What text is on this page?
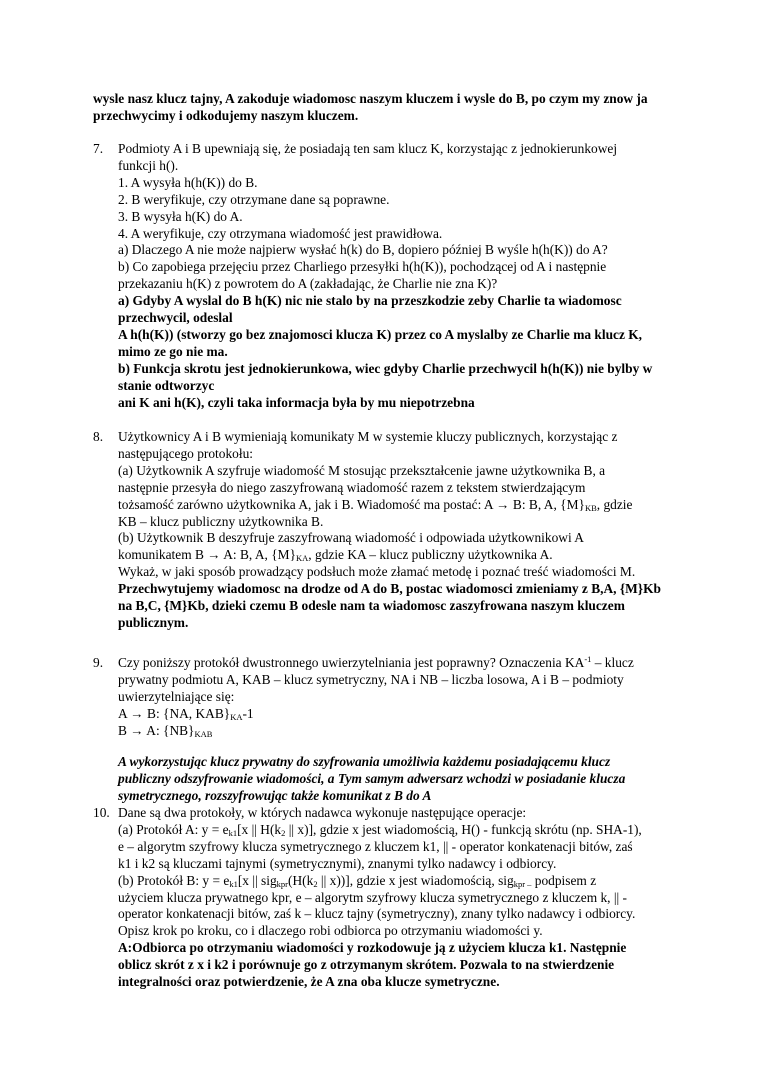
wysle nasz klucz tajny, A zakoduje wiadomosc naszym kluczem i wysle do B, po czym my znow ja
przechwycimy i odkodujemy naszym kluczem.
7. Podmioty A i B upewniają się, że posiadają ten sam klucz K, korzystając z jednokierunkowej
funkcji h().
1. A wysyła h(h(K)) do B.
2. B weryfikuje, czy otrzymane dane są poprawne.
3. B wysyła h(K) do A.
4. A weryfikuje, czy otrzymana wiadomość jest prawidłowa.
a) Dlaczego A nie może najpierw wysłać h(k) do B, dopiero później B wyśle h(h(K)) do A?
b) Co zapobiega przejęciu przez Charliego przesyłki h(h(K)), pochodzącej od A i następnie
przekazaniu h(K) z powrotem do A (zakładając, że Charlie nie zna K)?
a) Gdyby A wyslal do B h(K) nic nie stalo by na przeszkodzie zeby Charlie ta wiadomosc
przechwycil, odeslal
A h(h(K)) (stworzy go bez znajomosci klucza K) przez co A myslalby ze Charlie ma klucz K,
mimo ze go nie ma.
b) Funkcja skrotu jest jednokierunkowa, wiec gdyby Charlie przechwycil h(h(K)) nie bylby w
stanie odtworzyc
ani K ani h(K), czyli taka informacja była by mu niepotrzebna
8. Użytkownicy A i B wymieniają komunikaty M w systemie kluczy publicznych, korzystając z
następującego protokołu:
(a) Użytkownik A szyfruje wiadomość M stosując przekształcenie jawne użytkownika B, a
następnie przesyła do niego zaszyfrowaną wiadomość razem z tekstem stwierdzającym
tożsamość zarówno użytkownika A, jak i B. Wiadomość ma postać: A → B: B, A, $\{M\}_{KB}$, gdzie
KB – klucz publiczny użytkownika B.
(b) Użytkownik B deszyfruje zaszyfrowaną wiadomość i odpowiada użytkownikowi A
komunikatem B → A: B, A, $\{M\}_{KA}$, gdzie KA – klucz publiczny użytkownika A.
Wykaż, w jaki sposób prowadzący podsłuch może złamać metodę i poznać treść wiadomości M.
Przechwytujemy wiadomosc na drodze od A do B, postac wiadomosci zmieniamy z B,A, {M}Kb
na B,C, {M}Kb, dzieki czemu B odesle nam ta wiadomosc zaszyfrowana naszym kluczem
publicznym.
9. Czy poniższy protokół dwustronnego uwierzytelniania jest poprawny? Oznaczenia $KA^{-1}$ – klucz
prywatny podmiotu A, KAB – klucz symetryczny, NA i NB – liczba losowa, A i B – podmioty
uwierzytelniające się:
A → B: {NA, $KAB\}_{KA}-1$
B → A: $\{NB\}_{KAB}$
A wykorzystując klucz prywatny do szyfrowania umożliwia każdemu posiadającemu klucz
publiczny odszyfrowanie wiadomości, a Tym samym adwersarz wchodzi w posiadanie klucza
symetrycznego, rozszyfrowując także komunikat z B do A
10. Dane są dwa protokoły, w których nadawca wykonuje następujące operacje:
(a) Protokół A: $y = e_{k1}[x$ || $H(k_2$ || x)], gdzie x jest wiadomością, H() - funkcją skrótu (np. SHA-1),
e – algorytm szyfrowy klucza symetrycznego z kluczem k1, || - operator konkatenacji bitów, zaś
k1 i k2 są kluczami tajnymi (symetrycznymi), znanymi tylko nadawcy i odbiorcy.
(b) Protokół B: $y = e_{k1}[x$ || $sig_{kpr}(H(k_2$ || x))], gdzie x jest wiadomością, sig$_{kpr -}$ podpisem z
użyciem klucza prywatnego kpr, e – algorytm szyfrowy klucza symetrycznego z kluczem k, || -
operator konkatenacji bitów, zaś k – klucz tajny (symetryczny), znany tylko nadawcy i odbiorcy.
Opisz krok po kroku, co i dlaczego robi odbiorca po otrzymaniu wiadomości y.
A:Odbiorca po otrzymaniu wiadomości y rozkodowuje ją z użyciem klucza k1. Następnie
oblicz skrót z x i k2 i porównuje go z otrzymanym skrótem. Pozwala to na stwierdzenie
integralności oraz potwierdzenie, że A zna oba klucze symetryczne.
